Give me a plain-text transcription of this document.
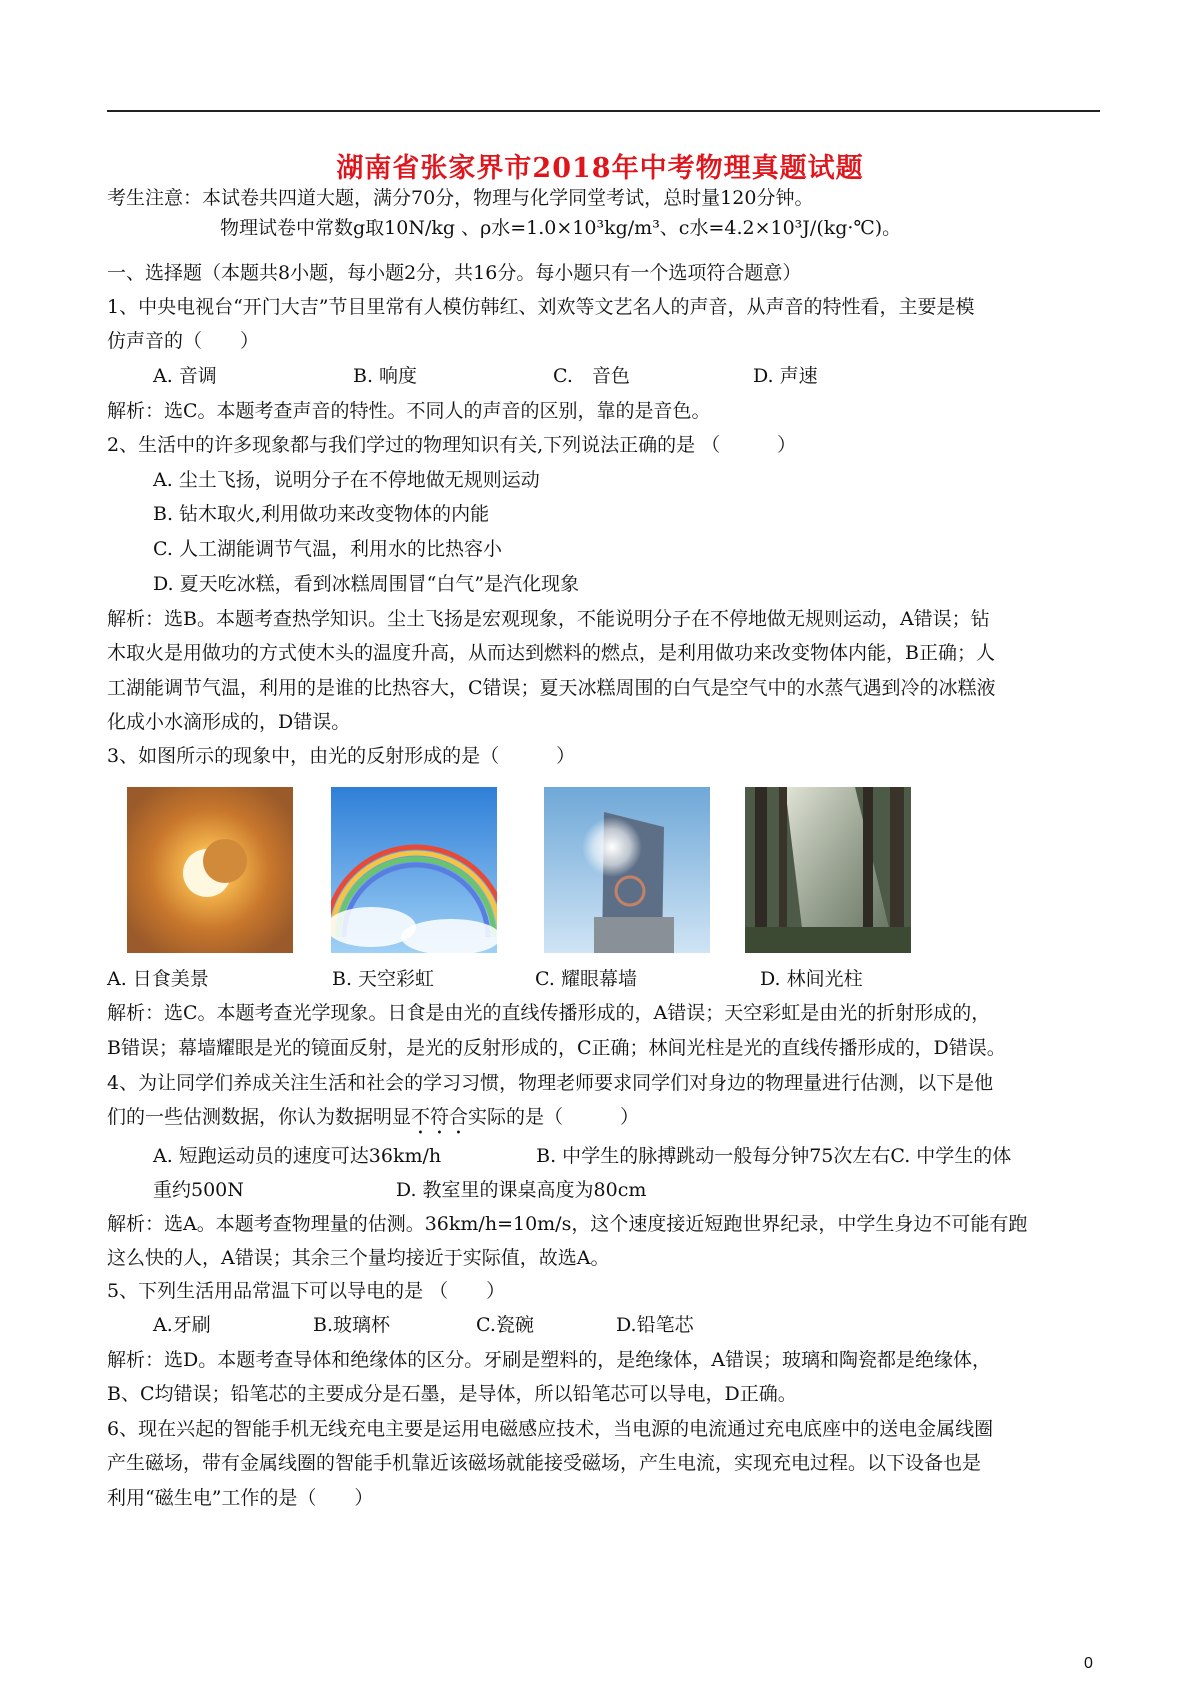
湖南省张家界市2018年中考物理真题试题
考生注意：本试卷共四道大题，满分70分，物理与化学同堂考试，总时量120分钟。
物理试卷中常数g取10N/kg 、ρ水=1.0×10³kg/m³、c水=4.2×10³J/(kg·℃)。
一、选择题（本题共8小题，每小题2分，共16分。每小题只有一个选项符合题意）
1、中央电视台“开门大吉”节目里常有人模仿韩红、刘欢等文艺名人的声音，从声音的特性看，主要是模
仿声音的（　　）
A. 音调	B. 响度	C.　音色	D. 声速
解析：选C。本题考查声音的特性。不同人的声音的区别，靠的是音色。
2、生活中的许多现象都与我们学过的物理知识有关,下列说法正确的是 （　　　）
A. 尘土飞扬，说明分子在不停地做无规则运动
B. 钻木取火,利用做功来改变物体的内能
C. 人工湖能调节气温，利用水的比热容小
D. 夏天吃冰糕，看到冰糕周围冒“白气”是汽化现象
解析：选B。本题考查热学知识。尘土飞扬是宏观现象，不能说明分子在不停地做无规则运动，A错误；钻
木取火是用做功的方式使木头的温度升高，从而达到燃料的燃点，是利用做功来改变物体内能，B正确；人
工湖能调节气温，利用的是谁的比热容大，C错误；夏天冰糕周围的白气是空气中的水蒸气遇到冷的冰糕液
化成小水滴形成的，D错误。
3、如图所示的现象中，由光的反射形成的是（　　　）
A. 日食美景	B. 天空彩虹	C. 耀眼幕墙	D. 林间光柱
解析：选C。本题考查光学现象。日食是由光的直线传播形成的，A错误；天空彩虹是由光的折射形成的，
B错误；幕墙耀眼是光的镜面反射，是光的反射形成的，C正确；林间光柱是光的直线传播形成的，D错误。
4、为让同学们养成关注生活和社会的学习习惯，物理老师要求同学们对身边的物理量进行估测，以下是他
们的一些估测数据，你认为数据明显不符合实际的是（　　　）
A. 短跑运动员的速度可达36km/h　　　　　B. 中学生的脉搏跳动一般每分钟75次左右C. 中学生的体
重约500N　　　　　　　　D. 教室里的课桌高度为80cm
解析：选A。本题考查物理量的估测。36km/h=10m/s，这个速度接近短跑世界纪录，中学生身边不可能有跑
这么快的人，A错误；其余三个量均接近于实际值，故选A。
5、下列生活用品常温下可以导电的是 （　　）
A.牙刷	B.玻璃杯	C.瓷碗	D.铅笔芯
解析：选D。本题考查导体和绝缘体的区分。牙刷是塑料的，是绝缘体，A错误；玻璃和陶瓷都是绝缘体，
B、C均错误；铅笔芯的主要成分是石墨，是导体，所以铅笔芯可以导电，D正确。
6、现在兴起的智能手机无线充电主要是运用电磁感应技术，当电源的电流通过充电底座中的送电金属线圈
产生磁场，带有金属线圈的智能手机靠近该磁场就能接受磁场，产生电流，实现充电过程。以下设备也是
利用“磁生电”工作的是（　　）
0
